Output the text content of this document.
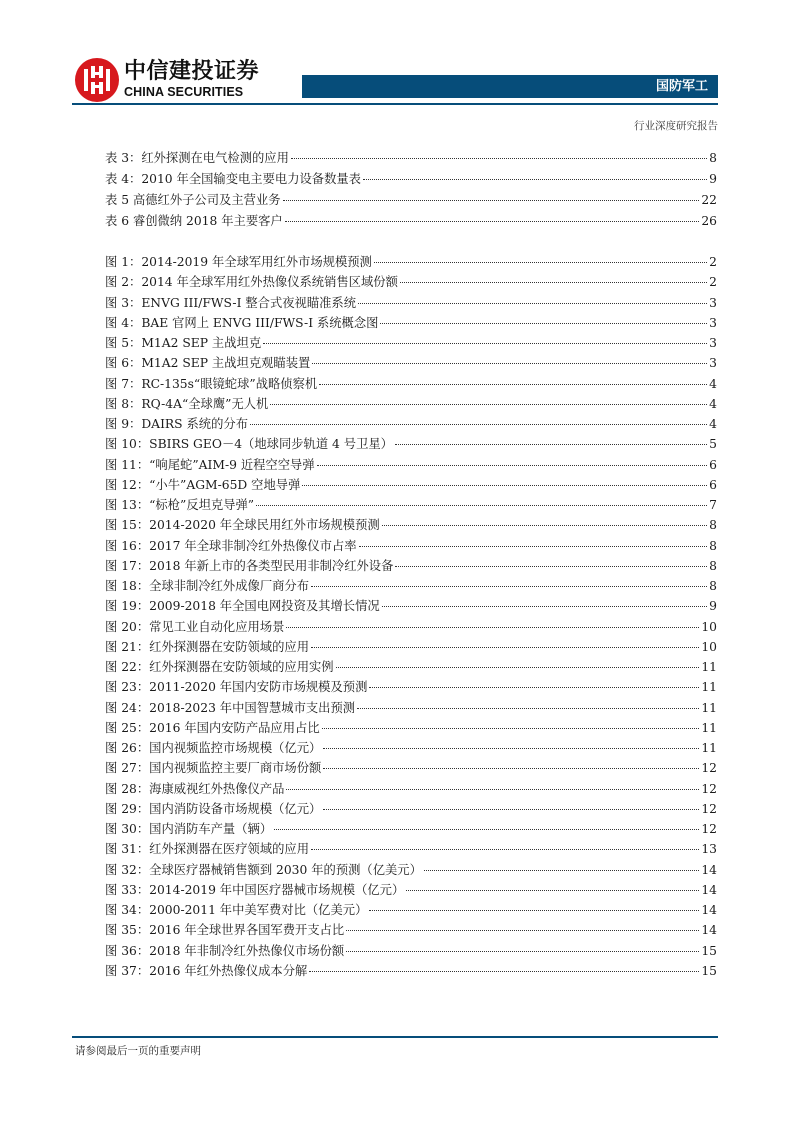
中信建投证券
CHINA SECURITIES	国防军工
行业深度研究报告
表 3：红外探测在电气检测的应用	8
表 4：2010 年全国输变电主要电力设备数量表	9
表 5 高德红外子公司及主营业务	22
表 6 睿创微纳 2018 年主要客户	26
图 1：2014-2019 年全球军用红外市场规模预测	2
图 2：2014 年全球军用红外热像仪系统销售区域份额	2
图 3：ENVG III/FWS-I 整合式夜视瞄准系统	3
图 4：BAE 官网上 ENVG III/FWS-I 系统概念图	3
图 5：M1A2 SEP 主战坦克	3
图 6：M1A2 SEP 主战坦克观瞄装置	3
图 7：RC-135s“眼镜蛇球”战略侦察机	4
图 8：RQ-4A“全球鹰”无人机	4
图 9：DAIRS 系统的分布	4
图 10：SBIRS GEO－4（地球同步轨道 4 号卫星）	5
图 11：“响尾蛇”AIM-9 近程空空导弹	6
图 12：“小牛”AGM-65D 空地导弹	6
图 13：“标枪”反坦克导弹”	7
图 15：2014-2020 年全球民用红外市场规模预测	8
图 16：2017 年全球非制冷红外热像仪市占率	8
图 17：2018 年新上市的各类型民用非制冷红外设备	8
图 18：全球非制冷红外成像厂商分布	8
图 19：2009-2018 年全国电网投资及其增长情况	9
图 20：常见工业自动化应用场景	10
图 21：红外探测器在安防领域的应用	10
图 22：红外探测器在安防领域的应用实例	11
图 23：2011-2020 年国内安防市场规模及预测	11
图 24：2018-2023 年中国智慧城市支出预测	11
图 25：2016 年国内安防产品应用占比	11
图 26：国内视频监控市场规模（亿元）	11
图 27：国内视频监控主要厂商市场份额	12
图 28：海康威视红外热像仪产品	12
图 29：国内消防设备市场规模（亿元）	12
图 30：国内消防车产量（辆）	12
图 31：红外探测器在医疗领域的应用	13
图 32：全球医疗器械销售额到 2030 年的预测（亿美元）	14
图 33：2014-2019 年中国医疗器械市场规模（亿元）	14
图 34：2000-2011 年中美军费对比（亿美元）	14
图 35：2016 年全球世界各国军费开支占比	14
图 36：2018 年非制冷红外热像仪市场份额	15
图 37：2016 年红外热像仪成本分解	15
请参阅最后一页的重要声明
